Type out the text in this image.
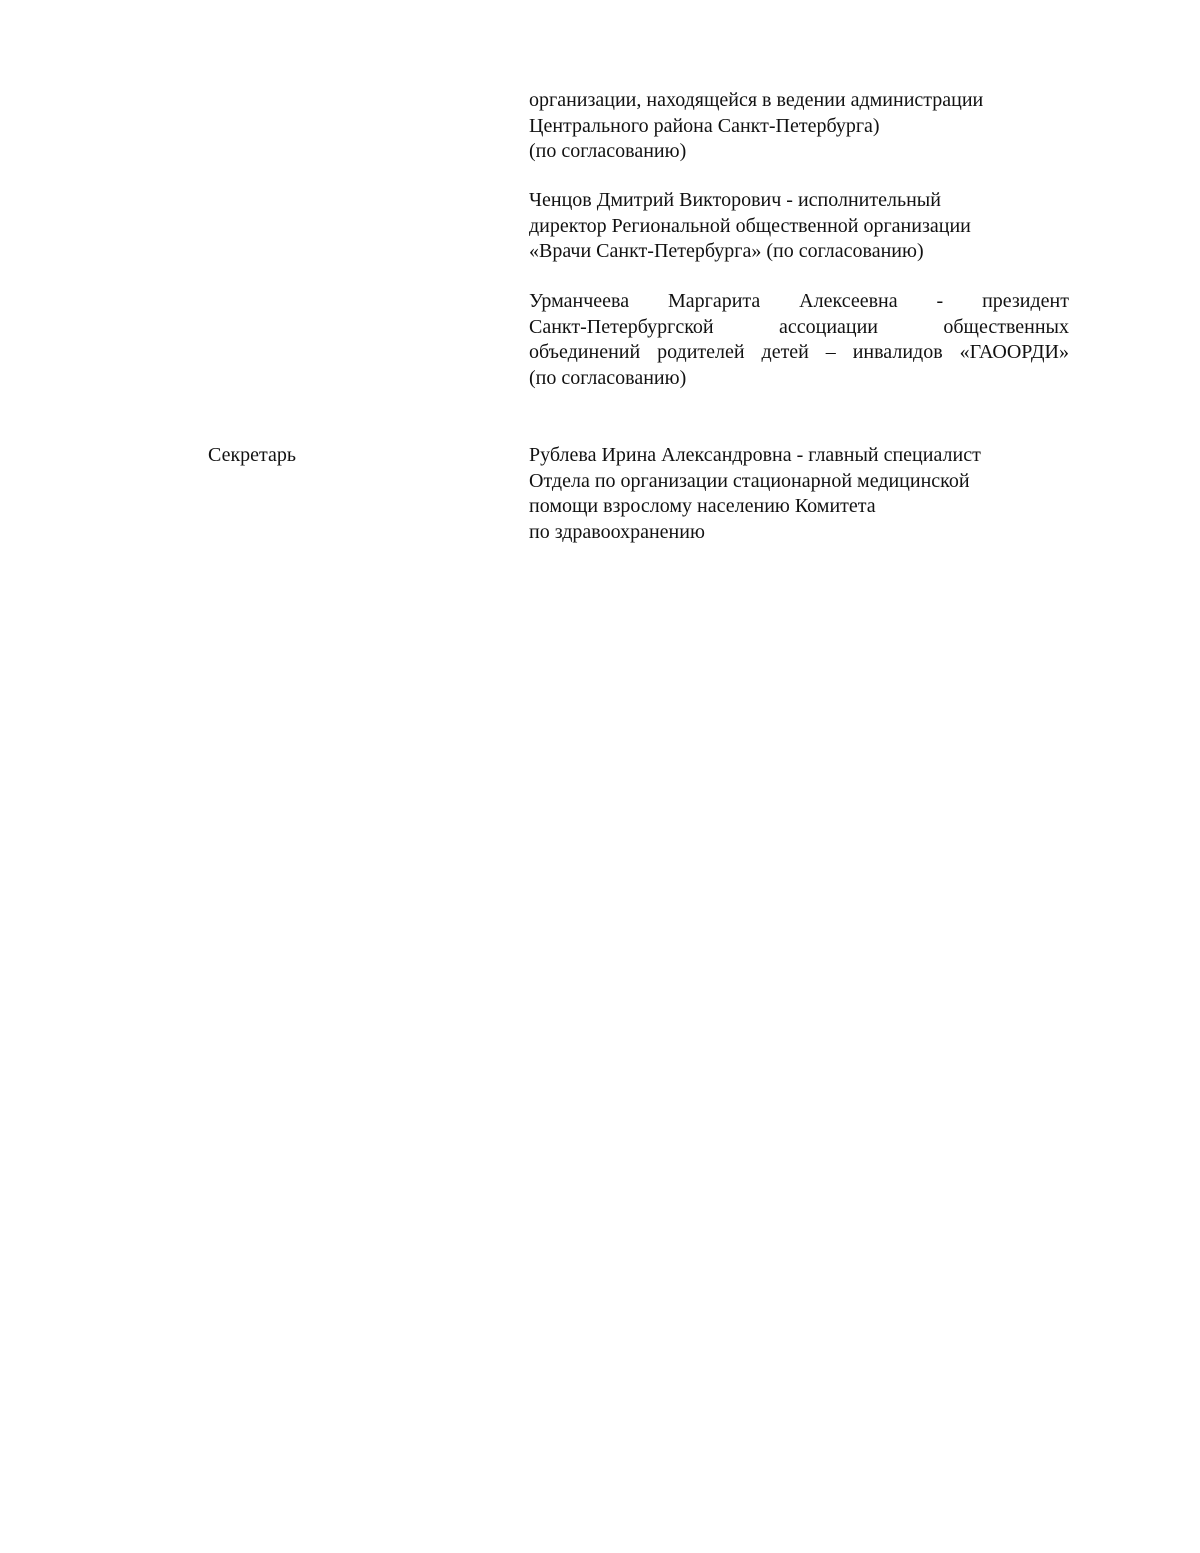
организации, находящейся в ведении администрации
Центрального района Санкт-Петербурга)
(по согласованию)

Ченцов Дмитрий Викторович - исполнительный
директор Региональной общественной организации
«Врачи Санкт-Петербурга» (по согласованию)

Урманчеева Маргарита Алексеевна - президент
Санкт-Петербургской ассоциации общественных
объединений родителей детей – инвалидов «ГАООРДИ»
(по согласованию)

Секретарь	Рублева Ирина Александровна - главный специалист
Отдела по организации стационарной медицинской
помощи взрослому населению Комитета
по здравоохранению
